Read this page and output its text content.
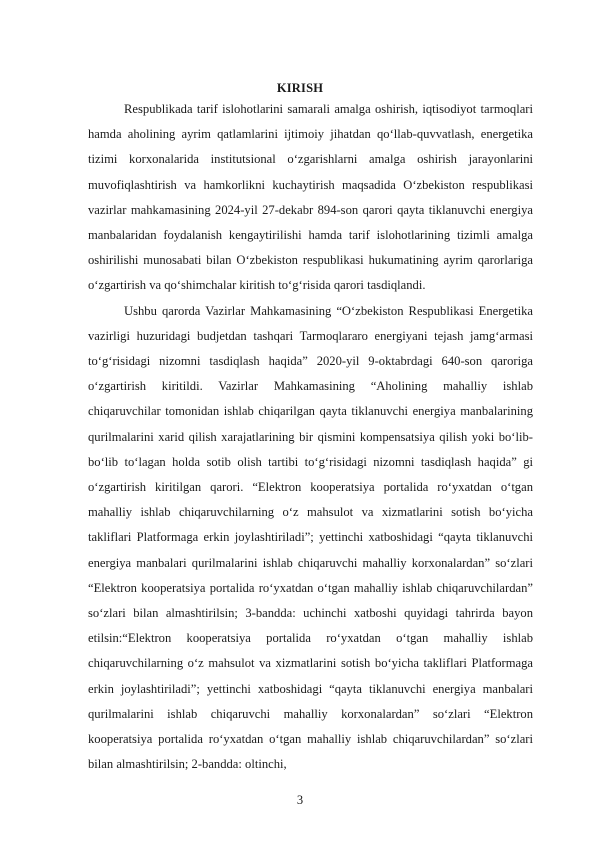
KIRISH

Respublikada tarif islohotlarini samarali amalga oshirish, iqtisodiyot tarmoqlari hamda aholining ayrim qatlamlarini ijtimoiy jihatdan qo‘llab-quvvatlash, energetika tizimi korxonalarida institutsional o‘zgarishlarni amalga oshirish jarayonlarini muvofiqlashtirish va hamkorlikni kuchaytirish maqsadida O‘zbekiston respublikasi vazirlar mahkamasining 2024-yil 27-dekabr 894-son qarori qayta tiklanuvchi energiya manbalaridan foydalanish kengaytirilishi hamda tarif islohotlarining tizimli amalga oshirilishi munosabati bilan O‘zbekiston respublikasi hukumatining ayrim qarorlariga o‘zgartirish va qo‘shimchalar kiritish to‘g‘risida qarori tasdiqlandi.

Ushbu qarorda Vazirlar Mahkamasining “O‘zbekiston Respublikasi Energetika vazirligi huzuridagi budjetdan tashqari Tarmoqlararo energiyani tejash jamg‘armasi to‘g‘risidagi nizomni tasdiqlash haqida” 2020-yil 9-oktabrdagi 640-son qaroriga o‘zgartirish kiritildi. Vazirlar Mahkamasining “Aholining mahalliy ishlab chiqaruvchilar tomonidan ishlab chiqarilgan qayta tiklanuvchi energiya manbalarining qurilmalarini xarid qilish xarajatlarining bir qismini kompensatsiya qilish yoki bo‘lib-bo‘lib to‘lagan holda sotib olish tartibi to‘g‘risidagi nizomni tasdiqlash haqida” gi o‘zgartirish kiritilgan qarori. “Elektron kooperatsiya portalida ro‘yxatdan o‘tgan mahalliy ishlab chiqaruvchilarning o‘z mahsulot va xizmatlarini sotish bo‘yicha takliflari Platformaga erkin joylashtiriladi”; yettinchi xatboshidagi “qayta tiklanuvchi energiya manbalari qurilmalarini ishlab chiqaruvchi mahalliy korxonalardan” so‘zlari “Elektron kooperatsiya portalida ro‘yxatdan o‘tgan mahalliy ishlab chiqaruvchilardan” so‘zlari bilan almashtirilsin; 3-bandda: uchinchi xatboshi quyidagi tahrirda bayon etilsin:“Elektron kooperatsiya portalida ro‘yxatdan o‘tgan mahalliy ishlab chiqaruvchilarning o‘z mahsulot va xizmatlarini sotish bo‘yicha takliflari Platformaga erkin joylashtiriladi”; yettinchi xatboshidagi “qayta tiklanuvchi energiya manbalari qurilmalarini ishlab chiqaruvchi mahalliy korxonalardan” so‘zlari “Elektron kooperatsiya portalida ro‘yxatdan o‘tgan mahalliy ishlab chiqaruvchilardan” so‘zlari bilan almashtirilsin; 2-bandda: oltinchi,

3
